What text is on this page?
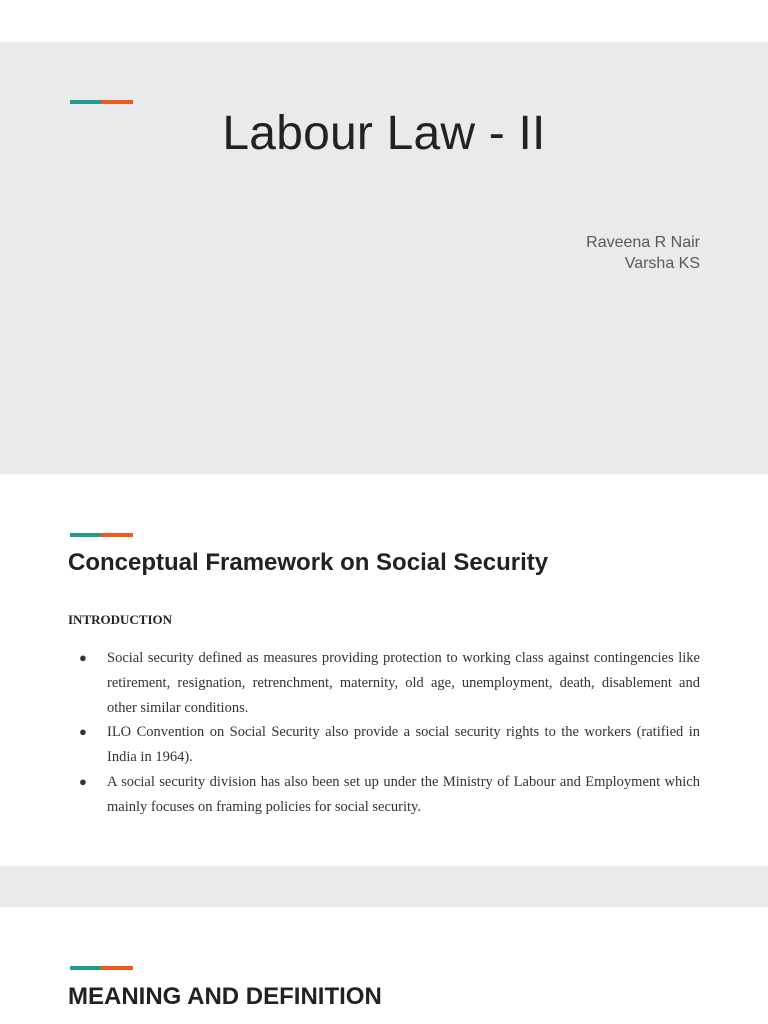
Labour Law - II
Raveena R Nair
Varsha KS
Conceptual Framework on Social Security
INTRODUCTION
● Social security defined as measures providing protection to working class against contingencies like retirement, resignation, retrenchment, maternity, old age, unemployment, death, disablement and other similar conditions.
● ILO Convention on Social Security also provide a social security rights to the workers (ratified in India in 1964).
● A social security division has also been set up under the Ministry of Labour and Employment which mainly focuses on framing policies for social security.
MEANING AND DEFINITION
